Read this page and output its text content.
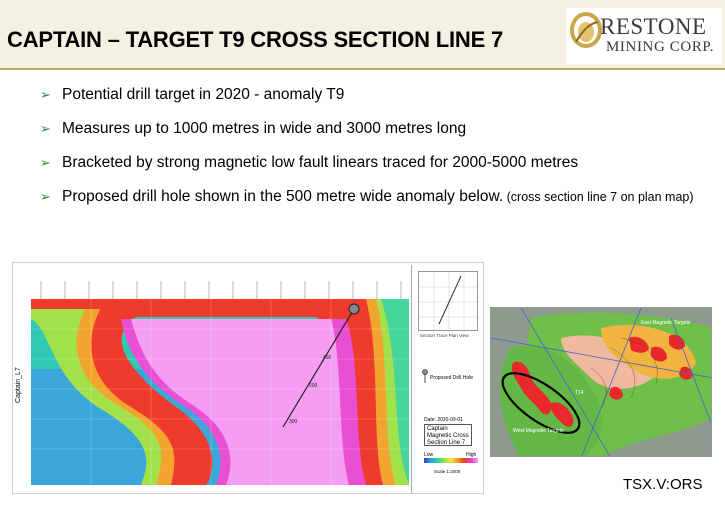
CAPTAIN – TARGET T9 CROSS SECTION LINE 7
RESTONE
MINING CORP.
➢ Potential drill target in 2020 - anomaly T9
➢ Measures up to 1000 metres in wide and 3000 metres long
➢ Bracketed by strong magnetic low fault linears traced for 2000-5000 metres
➢ Proposed drill hole shown in the 500 metre wide anomaly below. (cross section line 7 on plan map)
Captain_L7
400
200
300
Section Trace Plan View
Proposed Drill Hole
Date: 2020-09-01
Captain Magnetic Cross Section Line 7
Low	High
Scale 1:2000
East Magnetic Targets
West Magnetic Targets
T14
TSX.V:ORS
